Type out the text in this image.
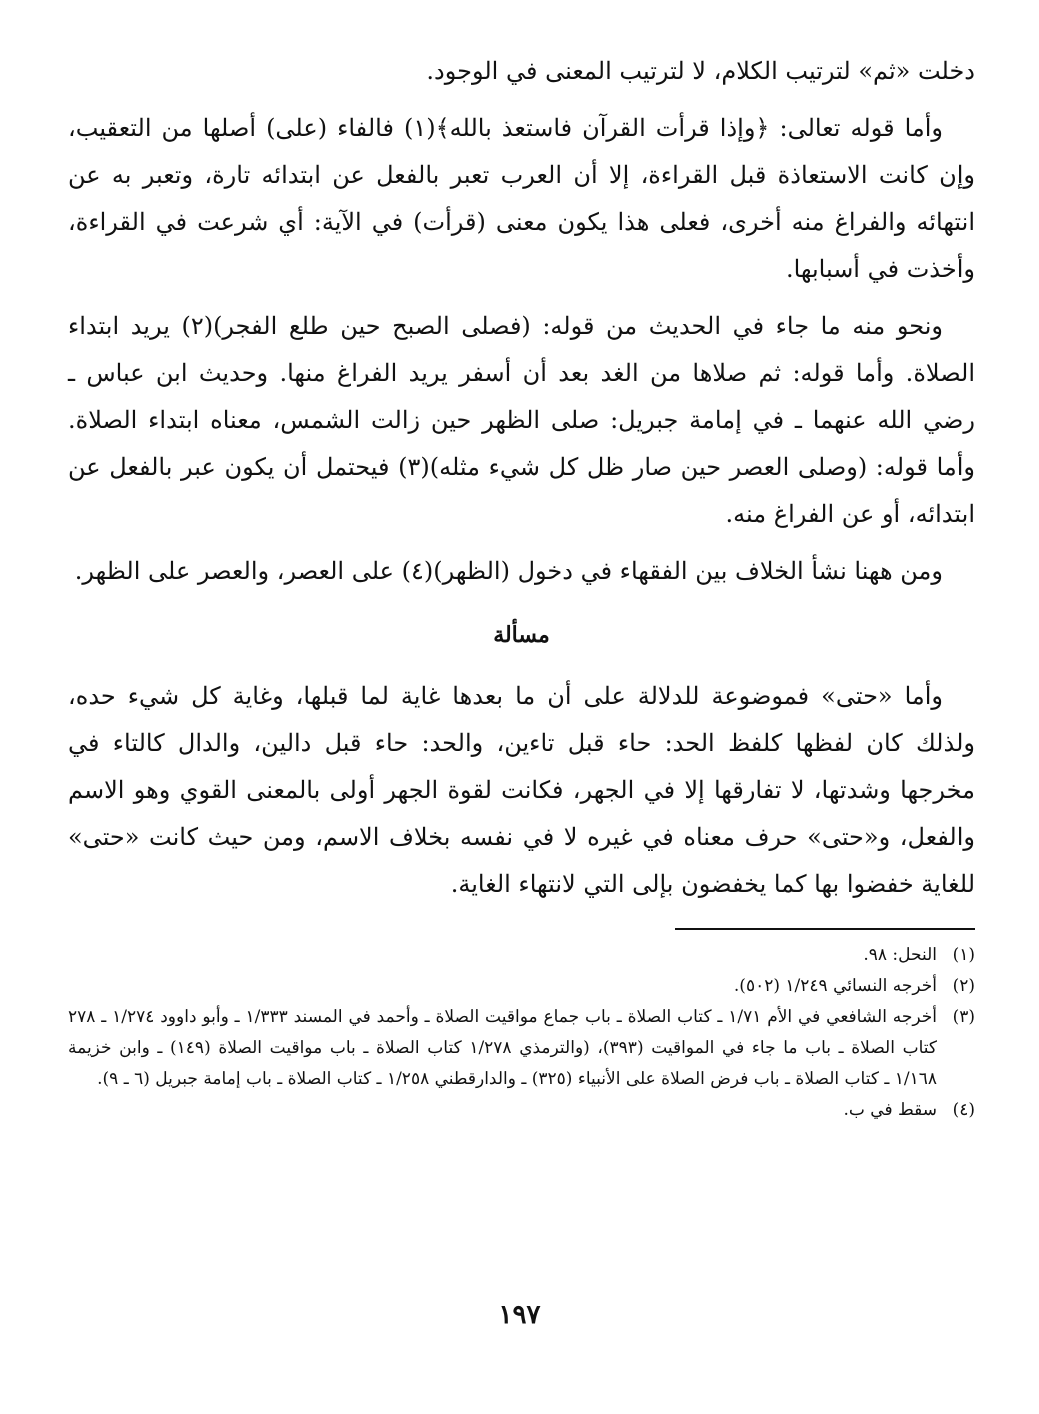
دخلت «ثم» لترتيب الكلام، لا لترتيب المعنى في الوجود.

وأما قوله تعالى: ﴿وإذا قرأت القرآن فاستعذ بالله﴾(١) فالفاء (على) أصلها من التعقيب، وإن كانت الاستعاذة قبل القراءة، إلا أن العرب تعبر بالفعل عن ابتدائه تارة، وتعبر به عن انتهائه والفراغ منه أخرى، فعلى هذا يكون معنى (قرأت) في الآية: أي شرعت في القراءة، وأخذت في أسبابها.

ونحو منه ما جاء في الحديث من قوله: (فصلى الصبح حين طلع الفجر)(٢) يريد ابتداء الصلاة. وأما قوله: ثم صلاها من الغد بعد أن أسفر يريد الفراغ منها. وحديث ابن عباس ـ رضي الله عنهما ـ في إمامة جبريل: صلى الظهر حين زالت الشمس، معناه ابتداء الصلاة. وأما قوله: (وصلى العصر حين صار ظل كل شيء مثله)(٣) فيحتمل أن يكون عبر بالفعل عن ابتدائه، أو عن الفراغ منه.

ومن ههنا نشأ الخلاف بين الفقهاء في دخول (الظهر)(٤) على العصر، والعصر على الظهر.

مسألة

وأما «حتى» فموضوعة للدلالة على أن ما بعدها غاية لما قبلها، وغاية كل شيء حده، ولذلك كان لفظها كلفظ الحد: حاء قبل تاءين، والحد: حاء قبل دالين، والدال كالتاء في مخرجها وشدتها، لا تفارقها إلا في الجهر، فكانت لقوة الجهر أولى بالمعنى القوي وهو الاسم والفعل، و«حتى» حرف معناه في غيره لا في نفسه بخلاف الاسم، ومن حيث كانت «حتى» للغاية خفضوا بها كما يخفضون بإلى التي لانتهاء الغاية.

(١)
النحل: ٩٨.
(٢)
أخرجه النسائي ١/٢٤٩ (٥٠٢).
(٣)
أخرجه الشافعي في الأم ١/٧١ ـ كتاب الصلاة ـ باب جماع مواقيت الصلاة ـ وأحمد في المسند ١/٣٣٣ ـ وأبو داوود ١/٢٧٤ ـ ٢٧٨ كتاب الصلاة ـ باب ما جاء في المواقيت (٣٩٣)، (والترمذي ١/٢٧٨ كتاب الصلاة ـ باب مواقيت الصلاة (١٤٩) ـ وابن خزيمة ١/١٦٨ ـ كتاب الصلاة ـ باب فرض الصلاة على الأنبياء (٣٢٥) ـ والدارقطني ١/٢٥٨ ـ كتاب الصلاة ـ باب إمامة جبريل (٦ ـ ٩).
(٤)
سقط في ب.
١٩٧
